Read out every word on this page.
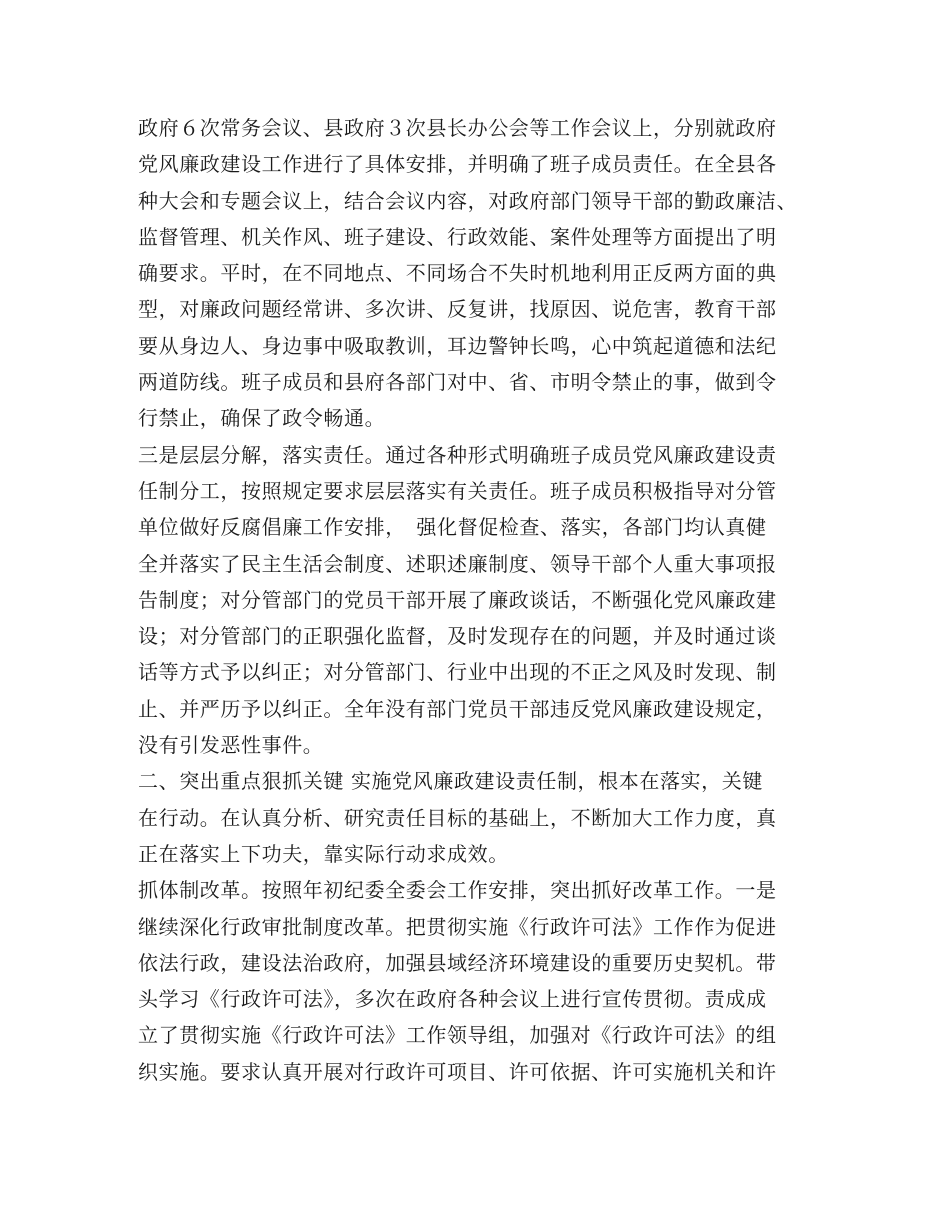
政府６次常务会议、县政府３次县长办公会等工作会议上，分别就政府
党风廉政建设工作进行了具体安排，并明确了班子成员责任。在全县各
种大会和专题会议上，结合会议内容，对政府部门领导干部的勤政廉洁、
监督管理、机关作风、班子建设、行政效能、案件处理等方面提出了明
确要求。平时，在不同地点、不同场合不失时机地利用正反两方面的典
型，对廉政问题经常讲、多次讲、反复讲，找原因、说危害，教育干部
要从身边人、身边事中吸取教训，耳边警钟长鸣，心中筑起道德和法纪
两道防线。班子成员和县府各部门对中、省、市明令禁止的事，做到令
行禁止，确保了政令畅通。
三是层层分解，落实责任。通过各种形式明确班子成员党风廉政建设责
任制分工，按照规定要求层层落实有关责任。班子成员积极指导对分管
单位做好反腐倡廉工作安排，　强化督促检查、落实，各部门均认真健
全并落实了民主生活会制度、述职述廉制度、领导干部个人重大事项报
告制度；对分管部门的党员干部开展了廉政谈话，不断强化党风廉政建
设；对分管部门的正职强化监督，及时发现存在的问题，并及时通过谈
话等方式予以纠正；对分管部门、行业中出现的不正之风及时发现、制
止、并严历予以纠正。全年没有部门党员干部违反党风廉政建设规定，
没有引发恶性事件。
二、突出重点狠抓关键 实施党风廉政建设责任制，根本在落实，关键
在行动。在认真分析、研究责任目标的基础上，不断加大工作力度，真
正在落实上下功夫，靠实际行动求成效。
抓体制改革。按照年初纪委全委会工作安排，突出抓好改革工作。一是
继续深化行政审批制度改革。把贯彻实施《行政许可法》工作作为促进
依法行政，建设法治政府，加强县域经济环境建设的重要历史契机。带
头学习《行政许可法》，多次在政府各种会议上进行宣传贯彻。责成成
立了贯彻实施《行政许可法》工作领导组，加强对《行政许可法》的组
织实施。要求认真开展对行政许可项目、许可依据、许可实施机关和许
